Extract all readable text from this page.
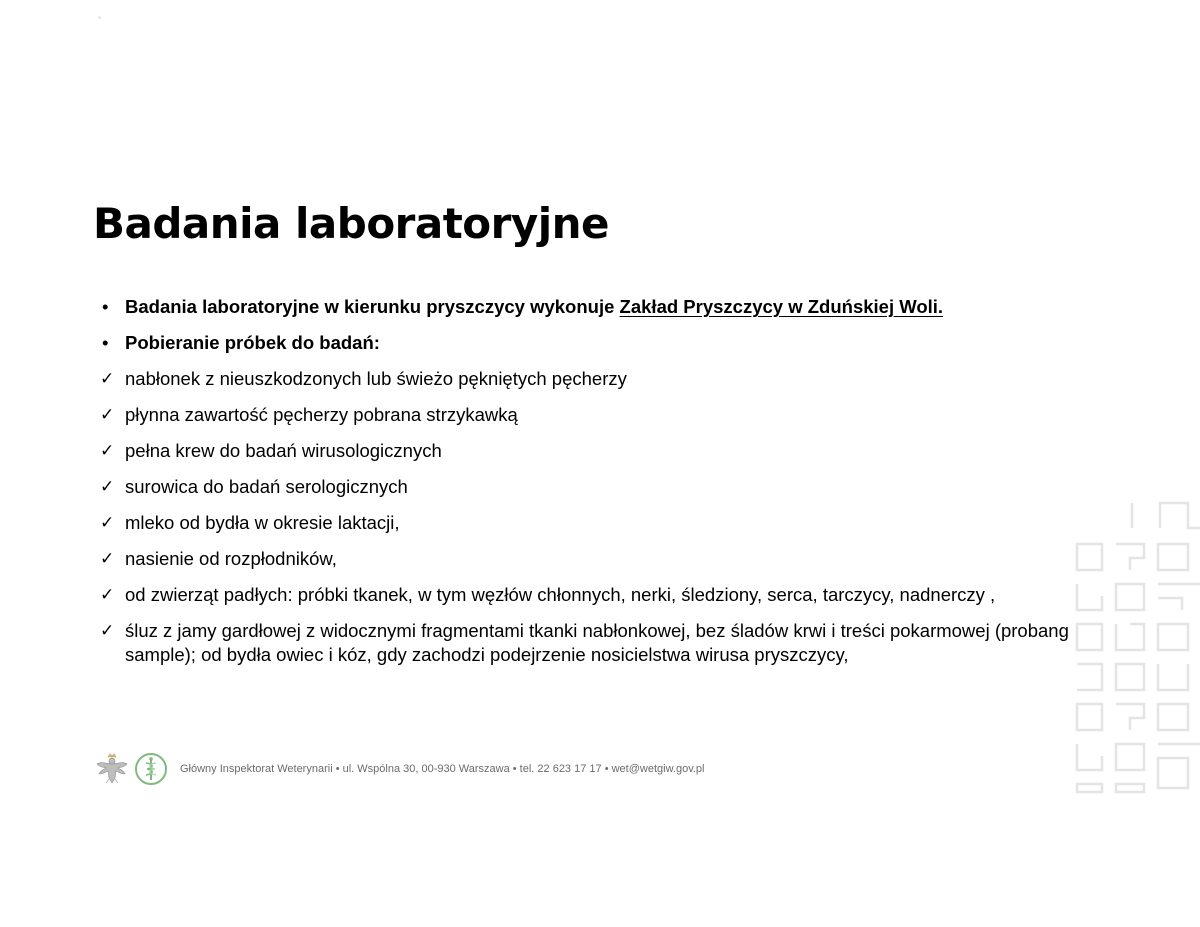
Badania laboratoryjne
• Badania laboratoryjne w kierunku pryszczycy wykonuje Zakład Pryszczycy w Zduńskiej Woli.
• Pobieranie próbek do badań:
✓ nabłonek z nieuszkodzonych lub świeżo pękniętych pęcherzy
✓ płynna zawartość pęcherzy pobrana strzykawką
✓ pełna krew do badań wirusologicznych
✓ surowica do badań serologicznych
✓ mleko od bydła w okresie laktacji,
✓ nasienie od rozpłodników,
✓ od zwierząt padłych: próbki tkanek, w tym węzłów chłonnych, nerki, śledziony, serca, tarczycy, nadnerczy ,
✓ śluz z jamy gardłowej z widocznymi fragmentami tkanki nabłonkowej, bez śladów krwi i treści pokarmowej (probang sample); od bydła owiec i kóz, gdy zachodzi podejrzenie nosicielstwa wirusa pryszczycy,
Główny Inspektorat Weterynarii • ul. Wspólna 30, 00-930 Warszawa • tel. 22 623 17 17 • wet@wetgiw.gov.pl
